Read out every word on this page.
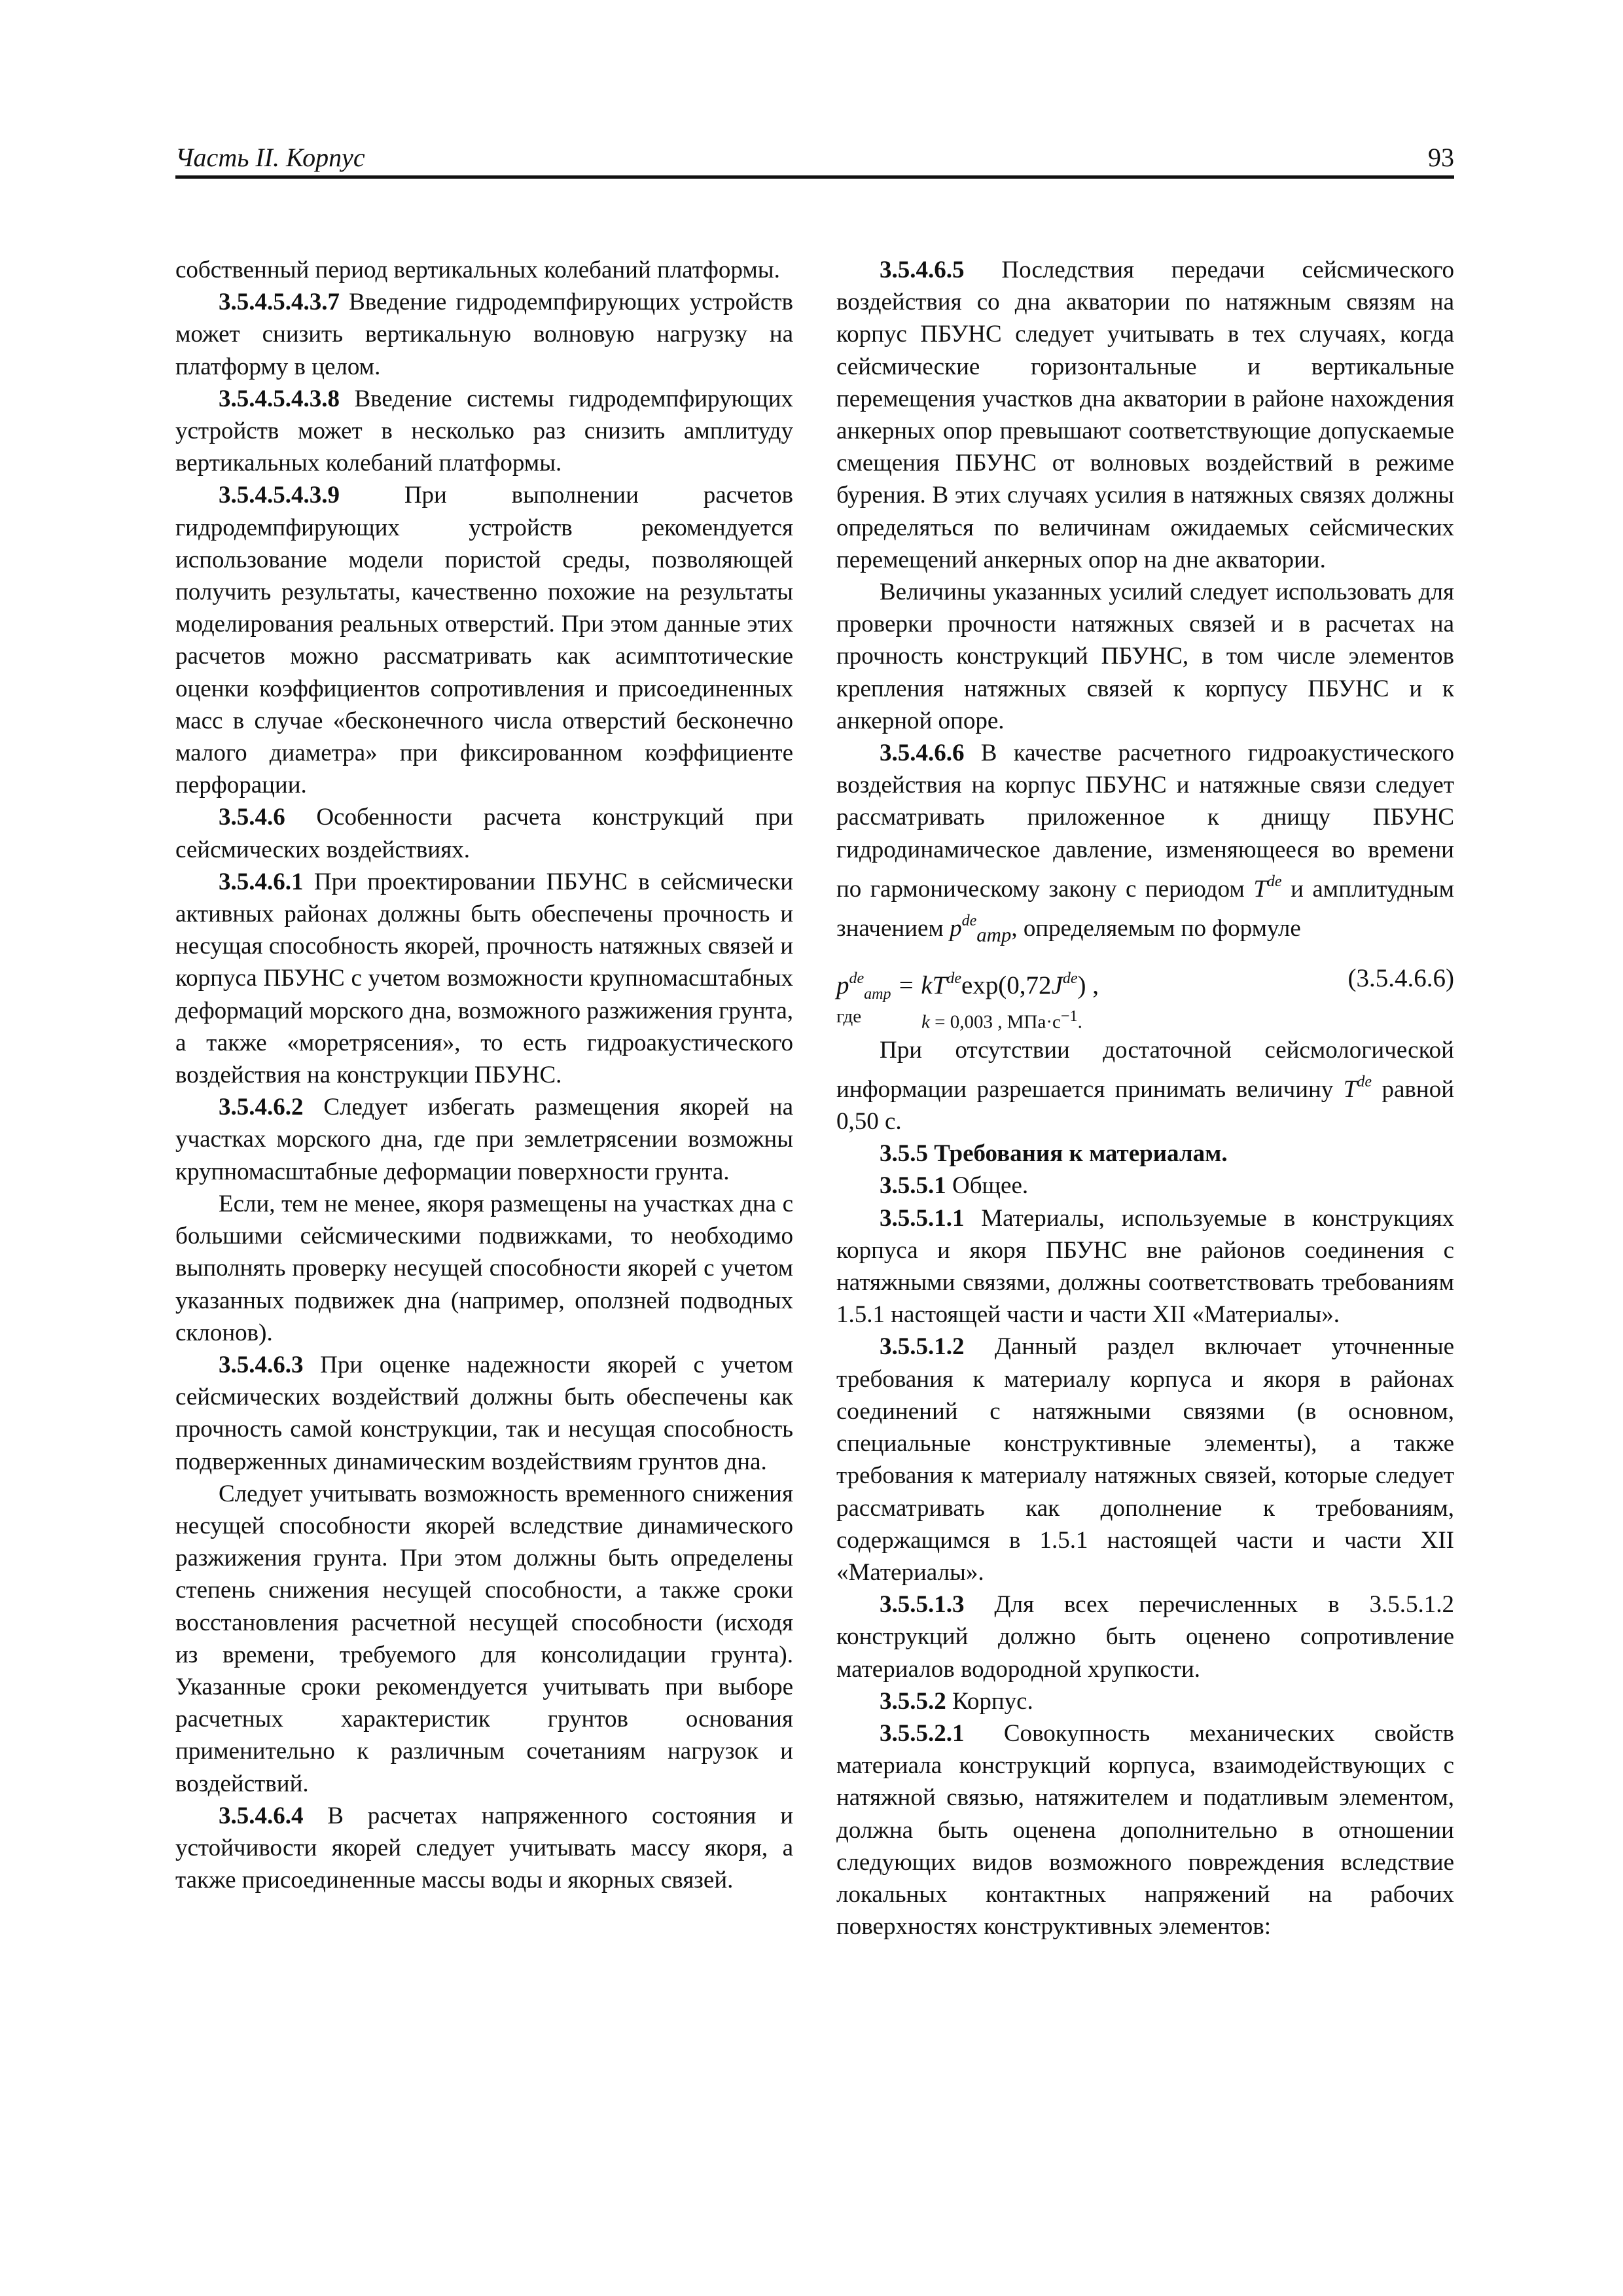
Часть II. Корпус	93

собственный период вертикальных колебаний платформы.

3.5.4.5.4.3.7 Введение гидродемпфирующих устройств может снизить вертикальную волновую нагрузку на платформу в целом.

3.5.4.5.4.3.8 Введение системы гидродемпфирующих устройств может в несколько раз снизить амплитуду вертикальных колебаний платформы.

3.5.4.5.4.3.9 При выполнении расчетов гидродемпфирующих устройств рекомендуется использование модели пористой среды, позволяющей получить результаты, качественно похожие на результаты моделирования реальных отверстий. При этом данные этих расчетов можно рассматривать как асимптотические оценки коэффициентов сопротивления и присоединенных масс в случае «бесконечного числа отверстий бесконечно малого диаметра» при фиксированном коэффициенте перфорации.

3.5.4.6 Особенности расчета конструкций при сейсмических воздействиях.

3.5.4.6.1 При проектировании ПБУНС в сейсмически активных районах должны быть обеспечены прочность и несущая способность якорей, прочность натяжных связей и корпуса ПБУНС с учетом возможности крупномасштабных деформаций морского дна, возможного разжижения грунта, а также «моретрясения», то есть гидроакустического воздействия на конструкции ПБУНС.

3.5.4.6.2 Следует избегать размещения якорей на участках морского дна, где при землетрясении возможны крупномасштабные деформации поверхности грунта.

Если, тем не менее, якоря размещены на участках дна с большими сейсмическими подвижками, то необходимо выполнять проверку несущей способности якорей с учетом указанных подвижек дна (например, оползней подводных склонов).

3.5.4.6.3 При оценке надежности якорей с учетом сейсмических воздействий должны быть обеспечены как прочность самой конструкции, так и несущая способность подверженных динамическим воздействиям грунтов дна.

Следует учитывать возможность временного снижения несущей способности якорей вследствие динамического разжижения грунта. При этом должны быть определены степень снижения несущей способности, а также сроки восстановления расчетной несущей способности (исходя из времени, требуемого для консолидации грунта). Указанные сроки рекомендуется учитывать при выборе расчетных характеристик грунтов основания применительно к различным сочетаниям нагрузок и воздействий.

3.5.4.6.4 В расчетах напряженного состояния и устойчивости якорей следует учитывать массу якоря, а также присоединенные массы воды и якорных связей.

3.5.4.6.5 Последствия передачи сейсмического воздействия со дна акватории по натяжным связям на корпус ПБУНС следует учитывать в тех случаях, когда сейсмические горизонтальные и вертикальные перемещения участков дна акватории в районе нахождения анкерных опор превышают соответствующие допускаемые смещения ПБУНС от волновых воздействий в режиме бурения. В этих случаях усилия в натяжных связях должны определяться по величинам ожидаемых сейсмических перемещений анкерных опор на дне акватории.

Величины указанных усилий следует использовать для проверки прочности натяжных связей и в расчетах на прочность конструкций ПБУНС, в том числе элементов крепления натяжных связей к корпусу ПБУНС и к анкерной опоре.

3.5.4.6.6 В качестве расчетного гидроакустического воздействия на корпус ПБУНС и натяжные связи следует рассматривать приложенное к днищу ПБУНС гидродинамическое давление, изменяющееся во времени по гармоническому закону с периодом $T^{de}$ и амплитудным значением $p^{de}_{amp}$, определяемым по формуле

$p^{de}_{amp} = kT^{de}\exp(0,72J^{de})$ ,	(3.5.4.6.6)
где	k = 0,003 , $МПа\cdot с^{-1}$.

При отсутствии достаточной сейсмологической информации разрешается принимать величину $T^{de}$ равной 0,50 с.

3.5.5 Требования к материалам.

3.5.5.1 Общее.

3.5.5.1.1 Материалы, используемые в конструкциях корпуса и якоря ПБУНС вне районов соединения с натяжными связями, должны соответствовать требованиям 1.5.1 настоящей части и части XII «Материалы».

3.5.5.1.2 Данный раздел включает уточненные требования к материалу корпуса и якоря в районах соединений с натяжными связями (в основном, специальные конструктивные элементы), а также требования к материалу натяжных связей, которые следует рассматривать как дополнение к требованиям, содержащимся в 1.5.1 настоящей части и части XII «Материалы».

3.5.5.1.3 Для всех перечисленных в 3.5.5.1.2 конструкций должно быть оценено сопротивление материалов водородной хрупкости.

3.5.5.2 Корпус.

3.5.5.2.1 Совокупность механических свойств материала конструкций корпуса, взаимодействующих с натяжной связью, натяжителем и податливым элементом, должна быть оценена дополнительно в отношении следующих видов возможного повреждения вследствие локальных контактных напряжений на рабочих поверхностях конструктивных элементов:
